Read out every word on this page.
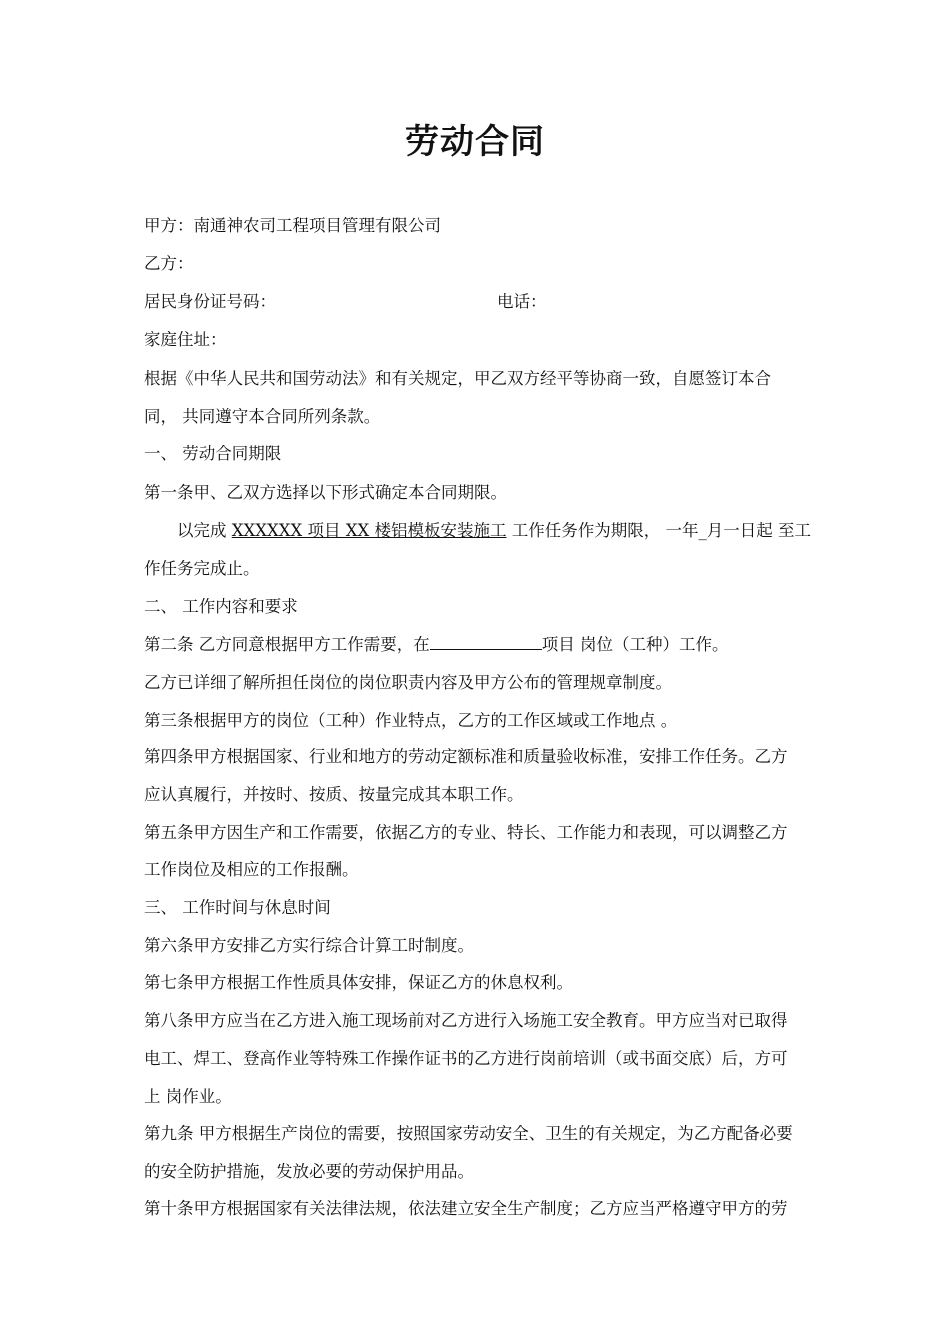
劳动合同
甲方：南通神农司工程项目管理有限公司
乙方：
居民身份证号码：	电话：
家庭住址：
根据《中华人民共和国劳动法》和有关规定，甲乙双方经平等协商一致，自愿签订本合
同， 共同遵守本合同所列条款。
一、 劳动合同期限
第一条甲、乙双方选择以下形式确定本合同期限。
以完成 XXXXXX 项目 XX 楼铝模板安装施工 工作任务作为期限， 一年_月一日起 至工
作任务完成止。
二、 工作内容和要求
第二条 乙方同意根据甲方工作需要，在	项目 岗位（工种）工作。
乙方已详细了解所担任岗位的岗位职责内容及甲方公布的管理规章制度。
第三条根据甲方的岗位（工种）作业特点，乙方的工作区域或工作地点 。
第四条甲方根据国家、行业和地方的劳动定额标准和质量验收标准，安排工作任务。乙方
应认真履行，并按时、按质、按量完成其本职工作。
第五条甲方因生产和工作需要，依据乙方的专业、特长、工作能力和表现，可以调整乙方
工作岗位及相应的工作报酬。
三、 工作时间与休息时间
第六条甲方安排乙方实行综合计算工时制度。
第七条甲方根据工作性质具体安排，保证乙方的休息权利。
第八条甲方应当在乙方进入施工现场前对乙方进行入场施工安全教育。甲方应当对已取得
电工、焊工、登高作业等特殊工作操作证书的乙方进行岗前培训（或书面交底）后，方可
上 岗作业。
第九条 甲方根据生产岗位的需要，按照国家劳动安全、卫生的有关规定，为乙方配备必要
的安全防护措施，发放必要的劳动保护用品。
第十条甲方根据国家有关法律法规，依法建立安全生产制度；乙方应当严格遵守甲方的劳
